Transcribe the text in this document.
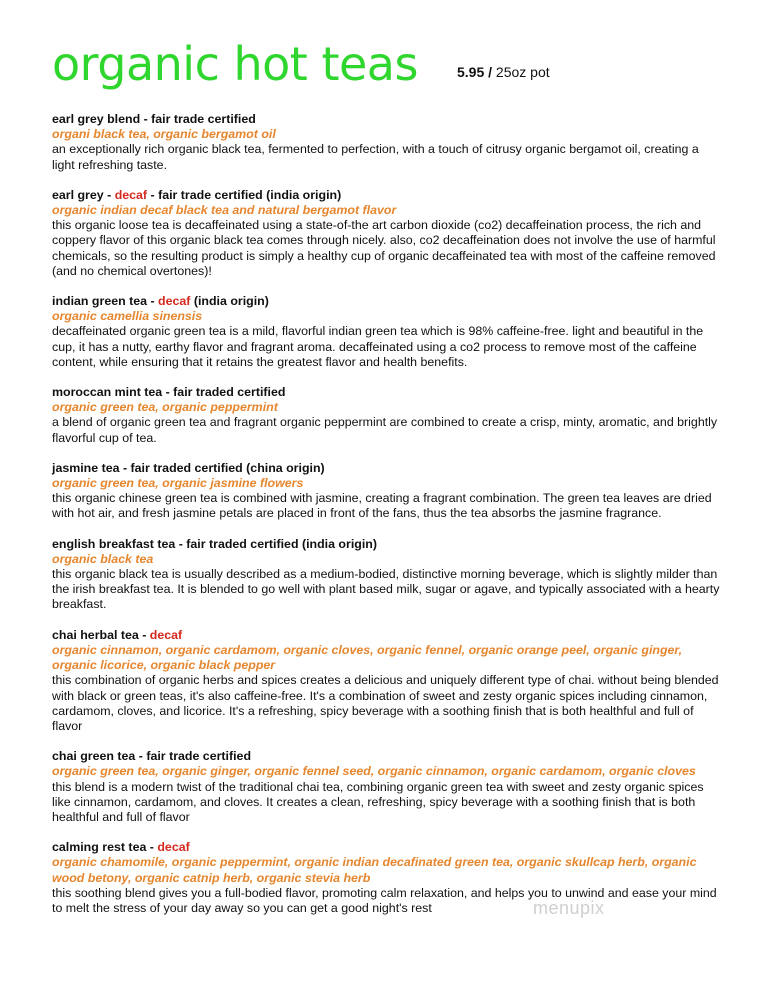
organic hot teas	5.95 / 25oz pot

earl grey blend - fair trade certified

organi black tea, organic bergamot oil

an exceptionally rich organic black tea, fermented to perfection, with a touch of citrusy organic bergamot oil, creating a light refreshing taste.

earl grey - decaf - fair trade certified (india origin)

organic indian decaf black tea and natural bergamot flavor

this organic loose tea is decaffeinated using a state-of-the art carbon dioxide (co2) decaffeination process, the rich and coppery flavor of this organic black tea comes through nicely. also, co2 decaffeination does not involve the use of harmful chemicals, so the resulting product is simply a healthy cup of organic decaffeinated tea with most of the caffeine removed (and no chemical overtones)!

indian green tea - decaf (india origin)

organic camellia sinensis

decaffeinated organic green tea is a mild, flavorful indian green tea which is 98% caffeine-free. light and beautiful in the cup, it has a nutty, earthy flavor and fragrant aroma. decaffeinated using a co2 process to remove most of the caffeine content, while ensuring that it retains the greatest flavor and health benefits.

moroccan mint tea - fair traded certified

organic green tea, organic peppermint

a blend of organic green tea and fragrant organic peppermint are combined to create a crisp, minty, aromatic, and brightly flavorful cup of tea.

jasmine tea - fair traded certified (china origin)

organic green tea, organic jasmine flowers

this organic chinese green tea is combined with jasmine, creating a fragrant combination. The green tea leaves are dried with hot air, and fresh jasmine petals are placed in front of the fans, thus the tea absorbs the jasmine fragrance.

english breakfast tea - fair traded certified (india origin)

organic black tea

this organic black tea is usually described as a medium-bodied, distinctive morning beverage, which is slightly milder than the irish breakfast tea. It is blended to go well with plant based milk, sugar or agave, and typically associated with a hearty breakfast.

chai herbal tea - decaf

organic cinnamon, organic cardamom, organic cloves, organic fennel, organic orange peel, organic ginger, organic licorice, organic black pepper

this combination of organic herbs and spices creates a delicious and uniquely different type of chai. without being blended with black or green teas, it's also caffeine-free. It's a combination of sweet and zesty organic spices including cinnamon, cardamom, cloves, and licorice. It's a refreshing, spicy beverage with a soothing finish that is both healthful and full of flavor

chai green tea - fair trade certified

organic green tea, organic ginger, organic fennel seed, organic cinnamon, organic cardamom, organic cloves

this blend is a modern twist of the traditional chai tea, combining organic green tea with sweet and zesty organic spices like cinnamon, cardamom, and cloves. It creates a clean, refreshing, spicy beverage with a soothing finish that is both healthful and full of flavor

calming rest tea - decaf

organic chamomile, organic peppermint, organic indian decafinated green tea, organic skullcap herb, organic wood betony, organic catnip herb, organic stevia herb

this soothing blend gives you a full-bodied flavor, promoting calm relaxation, and helps you to unwind and ease your mind to melt the stress of your day away so you can get a good night's rest	menupix
